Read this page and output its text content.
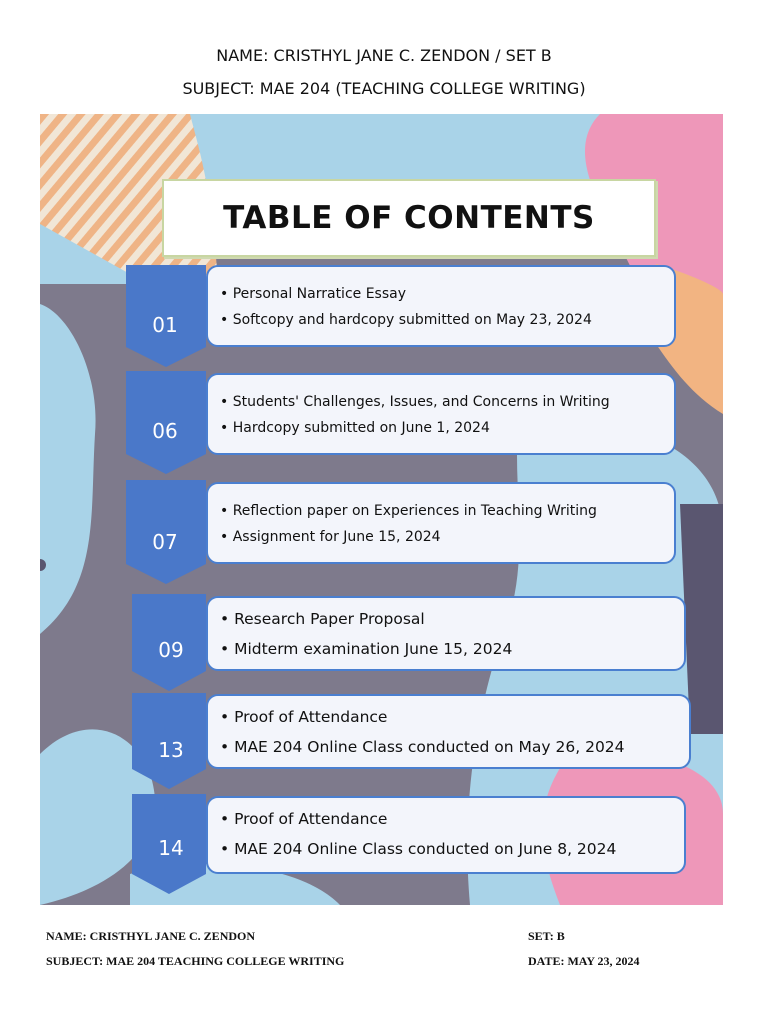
NAME: CRISTHYL JANE C. ZENDON / SET B
SUBJECT: MAE 204 (TEACHING COLLEGE WRITING)
TABLE OF CONTENTS
• Personal Narratice Essay
• Softcopy and hardcopy submitted on May 23, 2024
01
• Students' Challenges, Issues, and Concerns in Writing
• Hardcopy submitted on June 1, 2024
06
• Reflection paper on Experiences in Teaching Writing
• Assignment for June 15, 2024
07
• Research Paper Proposal
• Midterm examination June 15, 2024
09
• Proof of Attendance
• MAE 204 Online Class conducted on May 26, 2024
13
• Proof of Attendance
• MAE 204 Online Class conducted on June 8, 2024
14
NAME: CRISTHYL JANE C. ZENDON
SUBJECT: MAE 204 TEACHING COLLEGE WRITING
SET: B
DATE: MAY 23, 2024
